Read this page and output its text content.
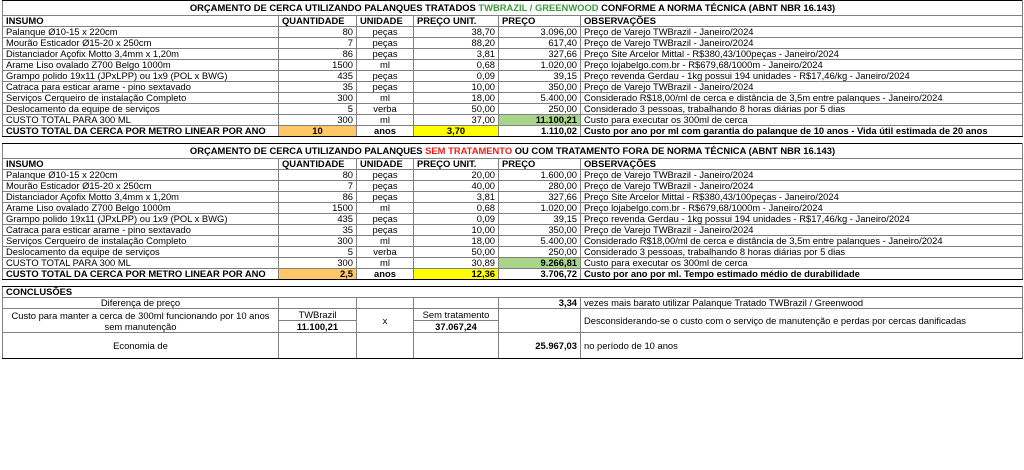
ORÇAMENTO DE CERCA UTILIZANDO PALANQUES TRATADOS TWBRAZIL / GREENWOOD CONFORME A NORMA TÉCNICA (ABNT NBR 16.143)					
INSUMO	QUANTIDADE	UNIDADE	PREÇO UNIT.	PREÇO	OBSERVAÇÕES
Palanque Ø10-15 x 220cm	80	peças	38,70	3.096,00	Preço de Varejo TWBrazil - Janeiro/2024
Mourão Esticador Ø15-20 x 250cm	7	peças	88,20	617,40	Preço de Varejo TWBrazil - Janeiro/2024
Distanciador Açofix Motto 3,4mm x 1,20m	86	peças	3,81	327,66	Preço Site Arcelor Mittal - R$380,43/100peças - Janeiro/2024
Arame Liso ovalado Z700 Belgo 1000m	1500	ml	0,68	1.020,00	Preço lojabelgo.com.br - R$679,68/1000m - Janeiro/2024
Grampo polido 19x11 (JPxLPP) ou 1x9 (POL x BWG)	435	peças	0,09	39,15	Preço revenda Gerdau - 1kg possui 194 unidades - R$17,46/kg - Janeiro/2024
Catraca para esticar arame - pino sextavado	35	peças	10,00	350,00	Preço de Varejo TWBrazil - Janeiro/2024
Serviços Cerqueiro de instalação Completo	300	ml	18,00	5.400,00	Considerado R$18,00/ml de cerca e distância de 3,5m entre palanques - Janeiro/2024
Deslocamento da equipe de serviços	5	verba	50,00	250,00	Considerado 3 pessoas, trabalhando 8 horas diárias por 5 dias
CUSTO TOTAL PARA 300 ML	300	ml	37,00	11.100,21	Custo para executar os 300ml de cerca
CUSTO TOTAL DA CERCA POR METRO LINEAR POR ANO	10	anos	3,70	1.110,02	Custo por ano por ml com garantia do palanque de 10 anos - Vida útil estimada de 20 anos

ORÇAMENTO DE CERCA UTILIZANDO PALANQUES SEM TRATAMENTO OU COM TRATAMENTO FORA DE NORMA TÉCNICA (ABNT NBR 16.143)					
INSUMO	QUANTIDADE	UNIDADE	PREÇO UNIT.	PREÇO	OBSERVAÇÕES
Palanque Ø10-15 x 220cm	80	peças	20,00	1.600,00	Preço de Varejo TWBrazil - Janeiro/2024
Mourão Esticador Ø15-20 x 250cm	7	peças	40,00	280,00	Preço de Varejo TWBrazil - Janeiro/2024
Distanciador Açofix Motto 3,4mm x 1,20m	86	peças	3,81	327,66	Preço Site Arcelor Mittal - R$380,43/100peças - Janeiro/2024
Arame Liso ovalado Z700 Belgo 1000m	1500	ml	0,68	1.020,00	Preço lojabelgo.com.br - R$679,68/1000m - Janeiro/2024
Grampo polido 19x11 (JPxLPP) ou 1x9 (POL x BWG)	435	peças	0,09	39,15	Preço revenda Gerdau - 1kg possui 194 unidades - R$17,46/kg - Janeiro/2024
Catraca para esticar arame - pino sextavado	35	peças	10,00	350,00	Preço de Varejo TWBrazil - Janeiro/2024
Serviços Cerqueiro de instalação Completo	300	ml	18,00	5.400,00	Considerado R$18,00/ml de cerca e distância de 3,5m entre palanques - Janeiro/2024
Deslocamento da equipe de serviços	5	verba	50,00	250,00	Considerado 3 pessoas, trabalhando 8 horas diárias por 5 dias
CUSTO TOTAL PARA 300 ML	300	ml	30,89	9.266,81	Custo para executar os 300ml de cerca
CUSTO TOTAL DA CERCA POR METRO LINEAR POR ANO	2,5	anos	12,36	3.706,72	Custo por ano por ml. Tempo estimado médio de durabilidade

CONCLUSÕES					
Diferença de preço				3,34	vezes mais barato utilizar Palanque Tratado TWBrazil / Greenwood
Custo para manter a cerca de 300ml funcionando por 10 anos sem manutenção	TWBrazil	x	Sem tratamento		Desconsiderando-se o custo com o serviço de manutenção e perdas por cercas danificadas
	11.100,21		37.067,24		
Economia de				25.967,03	no período de 10 anos
